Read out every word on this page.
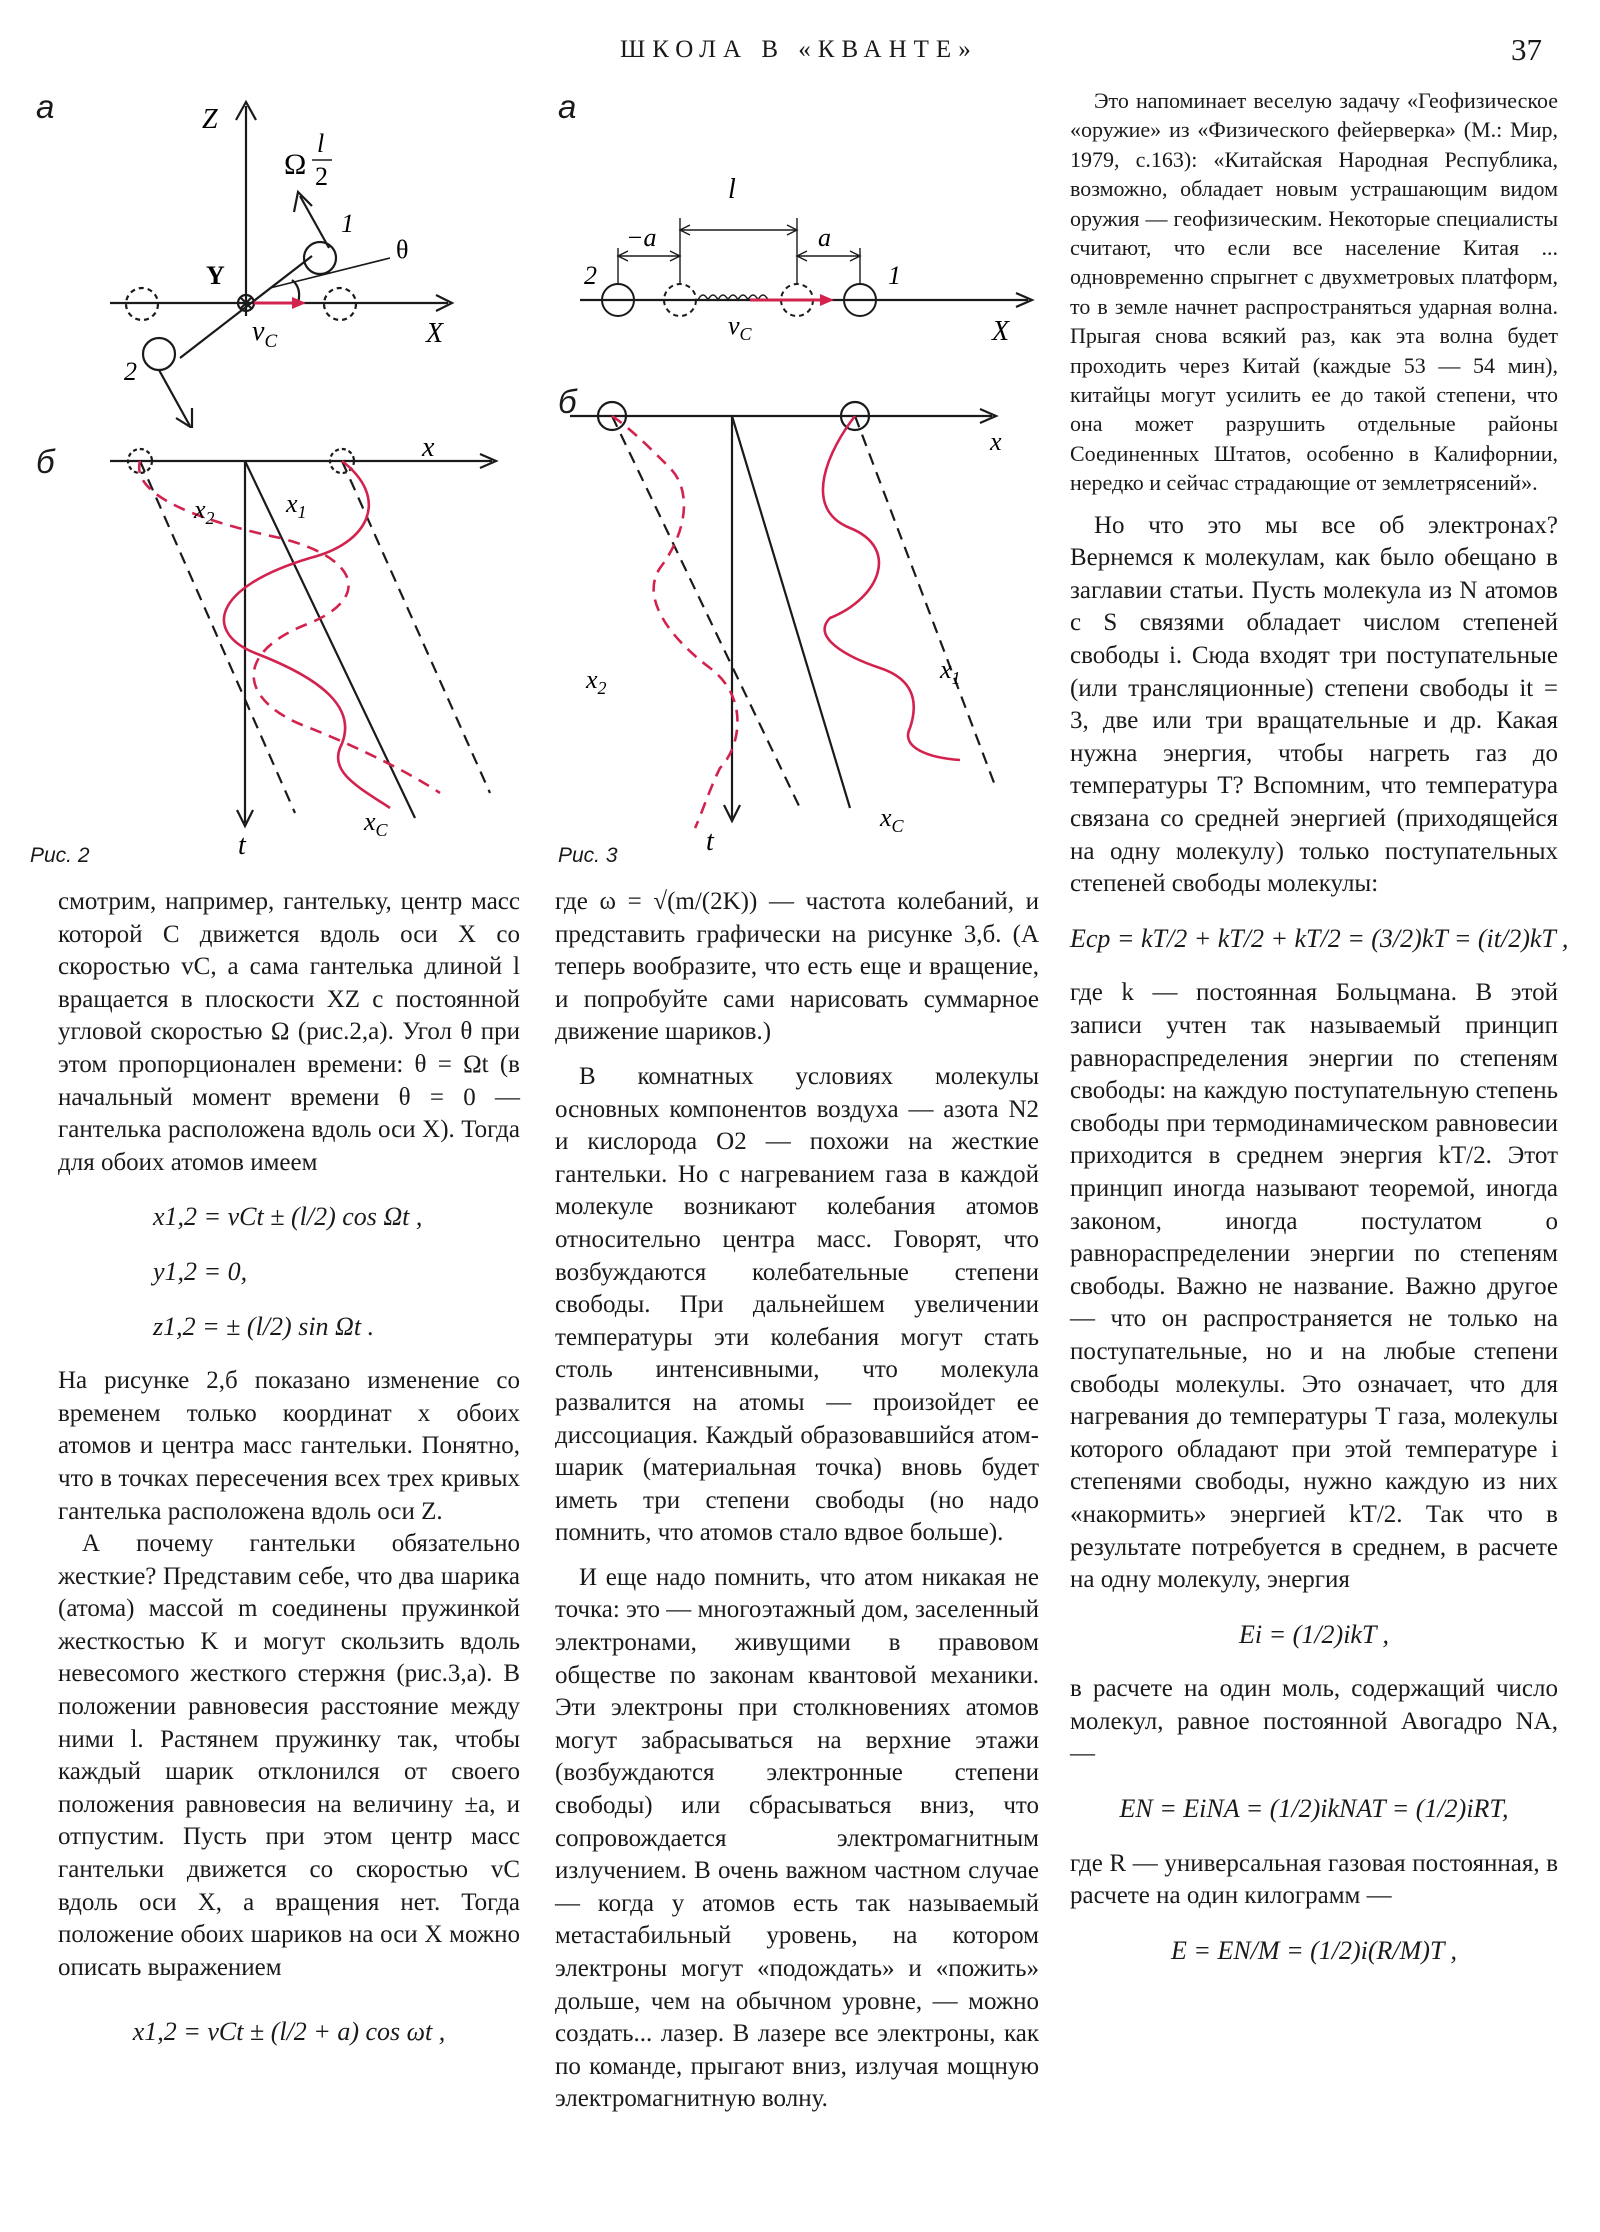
ШКОЛА В «КВАНТЕ»	37
а	Z
Ω
l
2
1
θ
Y
$v_C$	X
2
б	x
$x_2$	$x_1$
t
$x_C$
Рис. 2
а
l
−a	a
2	1
$v_C$	X
б
x
$x_2$
$x_1$
t
$x_C$
Рис. 3

смотрим, например, гантельку, центр масс которой C движется вдоль оси X со скоростью vC, а сама гантелька длиной l вращается в плоскости XZ с постоянной угловой скоростью Ω (рис.2,а). Угол θ при этом пропорционален времени: θ = Ωt (в начальный момент времени θ = 0 — гантелька расположена вдоль оси X). Тогда для обоих атомов имеем

x1,2 = vCt ± (l/2) cos Ωt ,
y1,2 = 0,
z1,2 = ± (l/2) sin Ωt .

На рисунке 2,б показано изменение со временем только координат x обоих атомов и центра масс гантельки. Понятно, что в точках пересечения всех трех кривых гантелька расположена вдоль оси Z.

А почему гантельки обязательно жесткие? Представим себе, что два шарика (атома) массой m соединены пружинкой жесткостью K и могут скользить вдоль невесомого жесткого стержня (рис.3,а). В положении равновесия расстояние между ними l. Растянем пружинку так, чтобы каждый шарик отклонился от своего положения равновесия на величину ±a, и отпустим. Пусть при этом центр масс гантельки движется со скоростью vC вдоль оси X, а вращения нет. Тогда положение обоих шариков на оси X можно описать выражением

x1,2 = vCt ± (l/2 + a) cos ωt ,

где ω = √(m/(2K)) — частота колебаний, и представить графически на рисунке 3,б. (А теперь вообразите, что есть еще и вращение, и попробуйте сами нарисовать суммарное движение шариков.)

В комнатных условиях молекулы основных компонентов воздуха — азота N2 и кислорода O2 — похожи на жесткие гантельки. Но с нагреванием газа в каждой молекуле возникают колебания атомов относительно центра масс. Говорят, что возбуждаются колебательные степени свободы. При дальнейшем увеличении температуры эти колебания могут стать столь интенсивными, что молекула развалится на атомы — произойдет ее диссоциация. Каждый образовавшийся атом-шарик (материальная точка) вновь будет иметь три степени свободы (но надо помнить, что атомов стало вдвое больше).

И еще надо помнить, что атом никакая не точка: это — многоэтажный дом, заселенный электронами, живущими в правовом обществе по законам квантовой механики. Эти электроны при столкновениях атомов могут забрасываться на верхние этажи (возбуждаются электронные степени свободы) или сбрасываться вниз, что сопровождается электромагнитным излучением. В очень важном частном случае — когда у атомов есть так называемый метастабильный уровень, на котором электроны могут «подождать» и «пожить» дольше, чем на обычном уровне, — можно создать... лазер. В лазере все электроны, как по команде, прыгают вниз, излучая мощную электромагнитную волну.

Это напоминает веселую задачу «Геофизическое «оружие» из «Физического фейерверка» (М.: Мир, 1979, с.163): «Китайская Народная Республика, возможно, обладает новым устрашающим видом оружия — геофизическим. Некоторые специалисты считают, что если все население Китая ... одновременно спрыгнет с двухметровых платформ, то в земле начнет распространяться ударная волна. Прыгая снова всякий раз, как эта волна будет проходить через Китай (каждые 53 — 54 мин), китайцы могут усилить ее до такой степени, что она может разрушить отдельные районы Соединенных Штатов, особенно в Калифорнии, нередко и сейчас страдающие от землетрясений».

Но что это мы все об электронах? Вернемся к молекулам, как было обещано в заглавии статьи. Пусть молекула из N атомов с S связями обладает числом степеней свободы i. Сюда входят три поступательные (или трансляционные) степени свободы it = 3, две или три вращательные и др. Какая нужна энергия, чтобы нагреть газ до температуры T? Вспомним, что температура связана со средней энергией (приходящейся на одну молекулу) только поступательных степеней свободы молекулы:

Eср = kT/2 + kT/2 + kT/2 = (3/2)kT = (it/2)kT ,

где k — постоянная Больцмана. В этой записи учтен так называемый принцип равнораспределения энергии по степеням свободы: на каждую поступательную степень свободы при термодинамическом равновесии приходится в среднем энергия kT/2. Этот принцип иногда называют теоремой, иногда законом, иногда постулатом о равнораспределении энергии по степеням свободы. Важно не название. Важно другое — что он распространяется не только на поступательные, но и на любые степени свободы молекулы. Это означает, что для нагревания до температуры T газа, молекулы которого обладают при этой температуре i степенями свободы, нужно каждую из них «накормить» энергией kT/2. Так что в результате потребуется в среднем, в расчете на одну молекулу, энергия

Ei = (1/2)ikT ,

в расчете на один моль, содержащий число молекул, равное постоянной Авогадро NA, —

EN = EiNA = (1/2)ikNAT = (1/2)iRT,

где R — универсальная газовая постоянная, в расчете на один килограмм —

E = EN/M = (1/2)i(R/M)T ,
